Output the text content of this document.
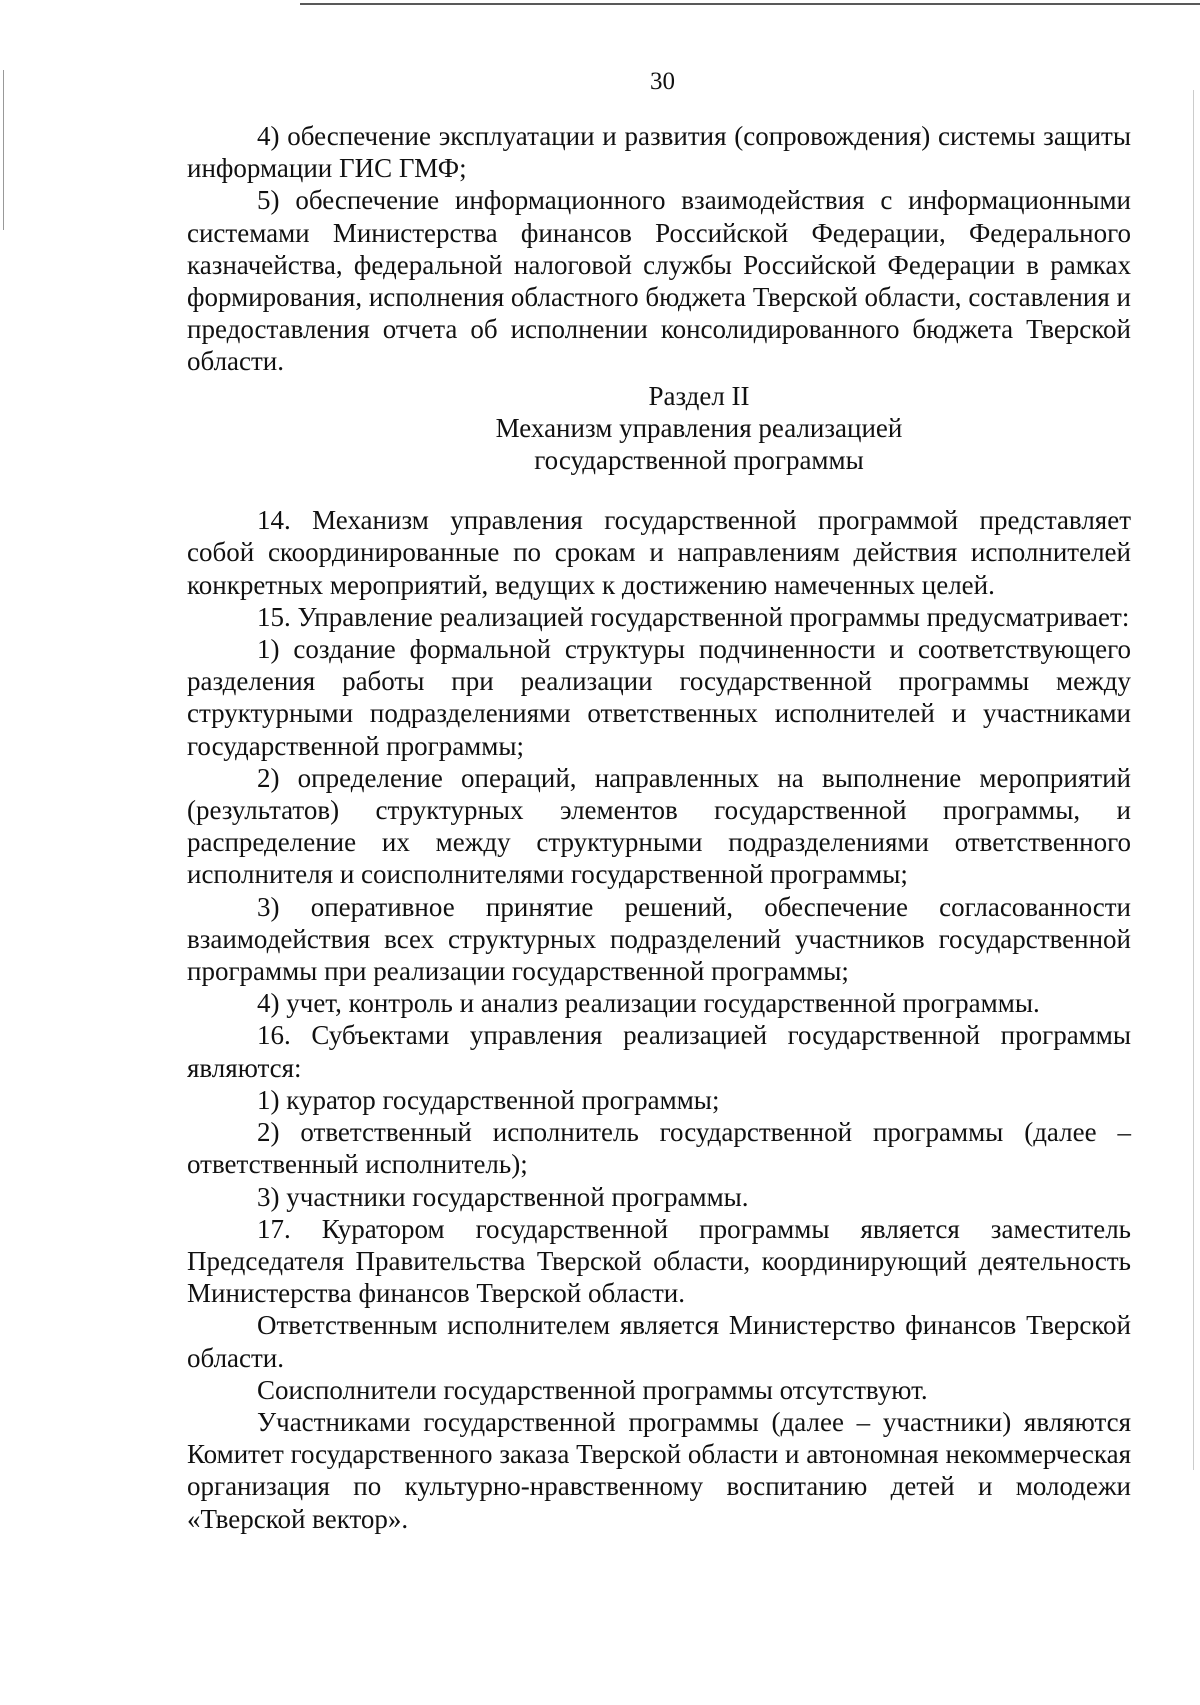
30

4) обеспечение эксплуатации и развития (сопровождения) системы защиты информации ГИС ГМФ;

5) обеспечение информационного взаимодействия с информационными системами Министерства финансов Российской Федерации, Федерального казначейства, федеральной налоговой службы Российской Федерации в рамках формирования, исполнения областного бюджета Тверской области, составления и предоставления отчета об исполнении консолидированного бюджета Тверской области.

Раздел II

Механизм управления реализацией

государственной программы

14. Механизм управления государственной программой представляет собой скоординированные по срокам и направлениям действия исполнителей конкретных мероприятий, ведущих к достижению намеченных целей.

15. Управление реализацией государственной программы предусматривает:

1) создание формальной структуры подчиненности и соответствующего разделения работы при реализации государственной программы между структурными подразделениями ответственных исполнителей и участниками государственной программы;

2) определение операций, направленных на выполнение мероприятий (результатов) структурных элементов государственной программы, и распределение их между структурными подразделениями ответственного исполнителя и соисполнителями государственной программы;

3) оперативное принятие решений, обеспечение согласованности взаимодействия всех структурных подразделений участников государственной программы при реализации государственной программы;

4) учет, контроль и анализ реализации государственной программы.

16. Субъектами управления реализацией государственной программы являются:

1) куратор государственной программы;

2) ответственный исполнитель государственной программы (далее – ответственный исполнитель);

3) участники государственной программы.

17. Куратором государственной программы является заместитель Председателя Правительства Тверской области, координирующий деятельность Министерства финансов Тверской области.

Ответственным исполнителем является Министерство финансов Тверской области.

Соисполнители государственной программы отсутствуют.

Участниками государственной программы (далее – участники) являются Комитет государственного заказа Тверской области и автономная некоммерческая организация по культурно-нравственному воспитанию детей и молодежи «Тверской вектор».
